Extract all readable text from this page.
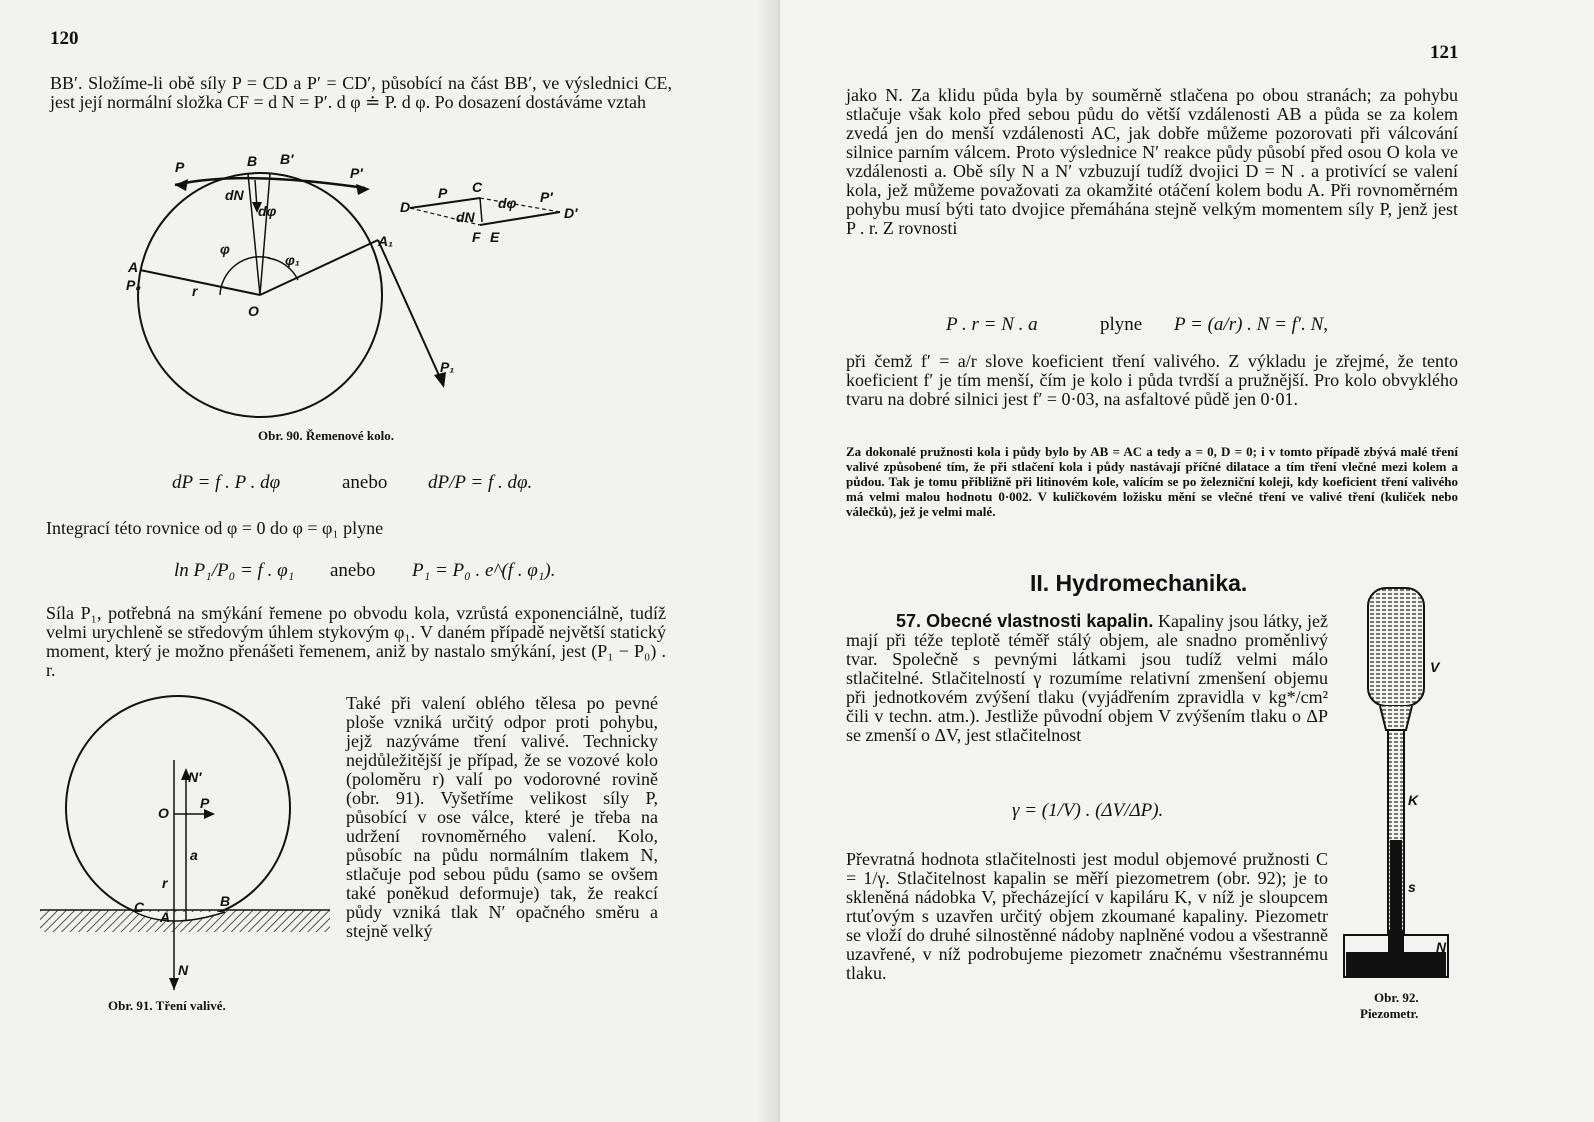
120
BB′. Složíme-li obě síly P = CD a P′ = CD′, působící na část BB′, ve výslednici CE, jest její normální složka CF = d N = P′. d φ ≐ P. d φ. Po dosazení dostáváme vztah
P	B B′
P′
dN
dφ
φ
φ₁
A
P₀	r
O
A₁
P₁
D
P C
dφ P′
D′
dN
F E
Obr. 90. Řemenové kolo.
dP = f . P . dφ	anebo dP/P = f . dφ.
Integrací této rovnice od φ = 0 do φ = φ₁ plyne
ln P₁/P₀ = f . φ₁ anebo P₁ = P₀ . e^(f . φ₁).
Síla P₁, potřebná na smýkání řemene po obvodu kola, vzrůstá exponenciálně, tudíž velmi urychleně se středovým úhlem stykovým φ₁. V daném případě největší statický moment, který je možno přenášeti řemenem, aniž by nastalo smýkání, jest (P₁ − P₀) . r.
Také při valení oblého tělesa po pevné ploše vzniká určitý odpor proti pohybu, jejž nazýváme tření valivé. Technicky nejdůležitější je případ, že se vozové kolo (poloměru r) valí po vodorovné rovině (obr. 91). Vyšetříme velikost síly P, působící v ose válce, které je třeba na udržení rovnoměrného valení. Kolo, působíc na půdu normálním tlakem N, stlačuje pod sebou půdu (samo se ovšem také poněkud deformuje) tak, že reakcí půdy vzniká tlak N′ opačného směru a stejně velký
N′
O
P
a
r
C
A
B
N
Obr. 91. Tření valivé.
121
jako N. Za klidu půda byla by souměrně stlačena po obou stranách; za pohybu stlačuje však kolo před sebou půdu do větší vzdálenosti AB a půda se za kolem zvedá jen do menší vzdálenosti AC, jak dobře můžeme pozorovati při válcování silnice parním válcem. Proto výslednice N′ reakce půdy působí před osou O kola ve vzdálenosti a. Obě síly N a N′ vzbuzují tudíž dvojici D = N . a protivící se valení kola, jež můžeme považovati za okamžité otáčení kolem bodu A. Při rovnoměrném pohybu musí býti tato dvojice přemáhána stejně velkým momentem síly P, jenž jest P . r. Z rovnosti
P . r = N . a	plyne P = (a/r) . N = f′. N,
při čemž f′ = a/r slove koeficient tření valivého. Z výkladu je zřejmé, že tento koeficient f′ je tím menší, čím je kolo i půda tvrdší a pružnější. Pro kolo obvyklého tvaru na dobré silnici jest f′ = 0·03, na asfaltové půdě jen 0·01.
Za dokonalé pružnosti kola i půdy bylo by AB = AC a tedy a = 0, D = 0; i v tomto případě zbývá malé tření valivé způsobené tím, že při stlačení kola i půdy nastávají příčné dilatace a tím tření vlečné mezi kolem a půdou. Tak je tomu přibližně při litinovém kole, valícím se po železniční koleji, kdy koeficient tření valivého má velmi malou hodnotu 0·002. V kuličkovém ložisku mění se vlečné tření ve valivé tření (kuliček nebo válečků), jež je velmi malé.
II. Hydromechanika.
57. Obecné vlastnosti kapalin. Kapaliny jsou látky, jež mají při téže teplotě téměř stálý objem, ale snadno proměnlivý tvar. Společně s pevnými látkami jsou tudíž velmi málo stlačitelné. Stlačitelností γ rozumíme relativní zmenšení objemu při jednotkovém zvýšení tlaku (vyjádřením zpravidla v kg*/cm² čili v techn. atm.). Jestliže původní objem V zvýšením tlaku o ΔP se zmenší o ΔV, jest stlačitelnost
γ = (1/V) . (ΔV/ΔP).
Převratná hodnota stlačitelnosti jest modul objemové pružnosti C = 1/γ. Stlačitelnost kapalin se měří piezometrem (obr. 92); je to skleněná nádobka V, přecházející v kapiláru K, v níž je sloupcem rtuťovým s uzavřen určitý objem zkoumané kapaliny. Piezometr se vloží do druhé silnostěnné nádoby naplněné vodou a všestranně uzavřené, v níž podrobujeme piezometr značnému všestrannému tlaku.
V
K
s
N
Obr. 92.
Piezometr.
